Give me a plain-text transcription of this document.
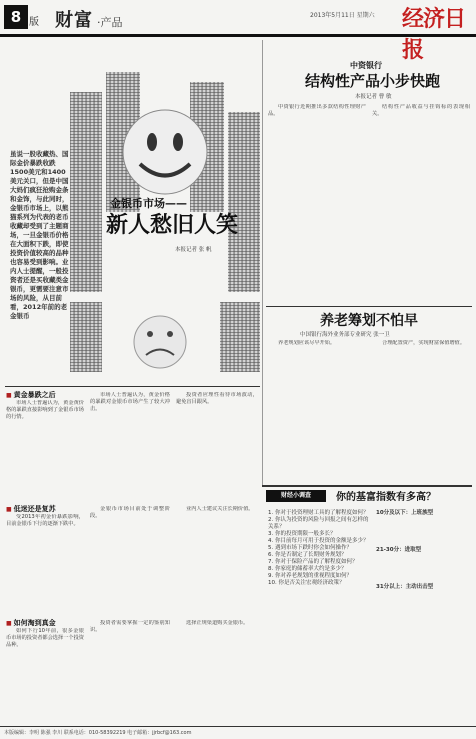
8 版 财富 ·产品
2013年5月11日 星期六 经济日报
金银币市场——
新人愁旧人笑
本报记者 张 帆
虽说一股收藏热、国际金价暴跌收跌1500美元和1400美元关口，但是中国大妈们疯狂抢购金条和金饰，与此同时，金银币市场上，以熊猫系列为代表的老币收藏却受到了主题商场，一旦金银币价格在大面积下跌，即使投资价值较高的品种也容易受到影响。业内人士提醒，一般投资者还是买收藏类金银币，更需要注意市场的风险，从目前看，2012年前的老金银币
■ 黄金暴跌之后
市场人士普遍认为，黄金黄价格的暴跌直接影响到了金银币市场的行情。
市场人士普遍认为，黄金价格的暴跌对金银币市场产生了较大冲击。
投资者应理性看待市场波动，避免盲目跟风。
■ 低迷还是复苏
受2013年初金价暴跌影响，目前金银币下行的逐渐下跌中。
金银币市场目前处于调整阶段。
业内人士建议关注长期价值。
■ 如何淘到真金
如何下行10年前，很多金银币市场的投资者都会选择一个投资品种。
投资者需要掌握一定的鉴别知识。
选择正规渠道购买金银币。
中资银行
结构性产品小步快跑
本报记者 曹 敏
中资银行近期推出多款结构性理财产品。
结构性产品收益与挂钩标的表现相关。
养老筹划不怕早
中国银行海外业务部专业研究 张一卫
养老规划应该尽早开始。	合理配置资产，实现财富保值增值。
财经小调查	你的基富指数有多高？
1. 你对于投资理财工具的了解程度如何？
2. 你认为投资的风险与回报之间有怎样的关系？
3. 你的投资期限一般多长？
4. 你目前每月可用于投资的金额是多少？
5. 遇到市场下跌时你会如何操作？
6. 你是否制定了长期财务规划？
7. 你对于保险产品的了解程度如何？
8. 你家庭的储蓄率大约是多少？
9. 你对养老规划的重视程度如何？
10. 你是否关注宏观经济政策？
10分及以下：上班族型
21-30分：进取型
31分以上：主动出击型
本版编辑：李明 陈强 李川 联系电话：010-58392219 电子邮箱：jjrbcf@163.com
